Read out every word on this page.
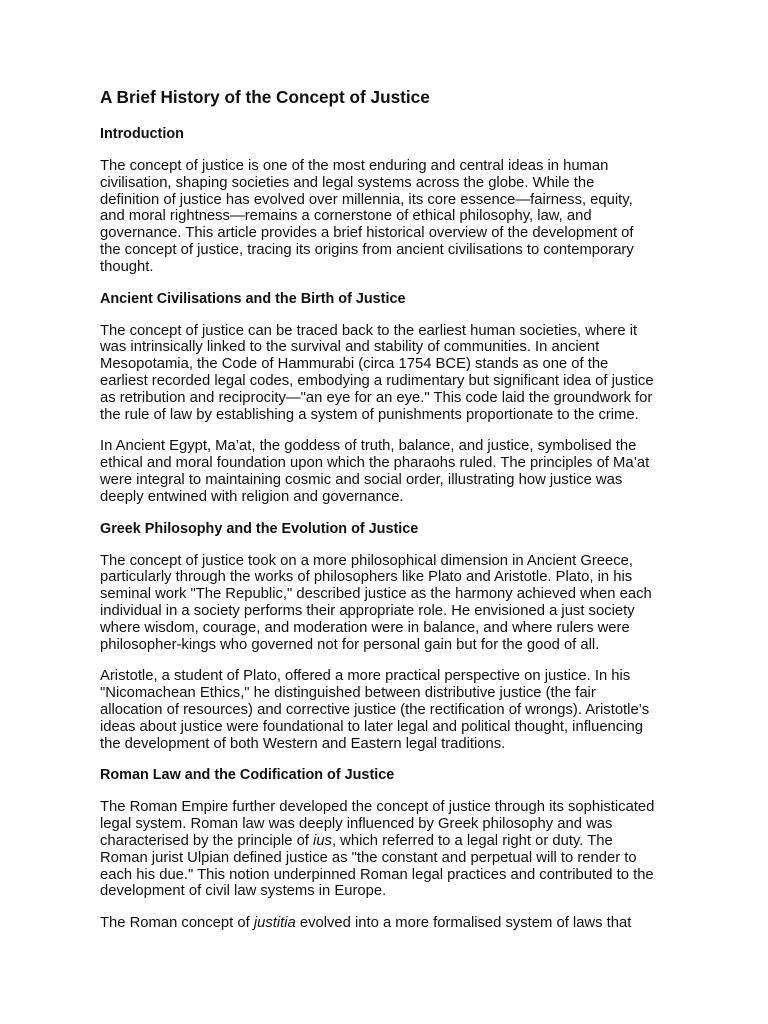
A Brief History of the Concept of Justice
Introduction

The concept of justice is one of the most enduring and central ideas in human
civilisation, shaping societies and legal systems across the globe. While the
definition of justice has evolved over millennia, its core essence—fairness, equity,
and moral rightness—remains a cornerstone of ethical philosophy, law, and
governance. This article provides a brief historical overview of the development of
the concept of justice, tracing its origins from ancient civilisations to contemporary
thought.

Ancient Civilisations and the Birth of Justice

The concept of justice can be traced back to the earliest human societies, where it
was intrinsically linked to the survival and stability of communities. In ancient
Mesopotamia, the Code of Hammurabi (circa 1754 BCE) stands as one of the
earliest recorded legal codes, embodying a rudimentary but significant idea of justice
as retribution and reciprocity—"an eye for an eye." This code laid the groundwork for
the rule of law by establishing a system of punishments proportionate to the crime.

In Ancient Egypt, Ma’at, the goddess of truth, balance, and justice, symbolised the
ethical and moral foundation upon which the pharaohs ruled. The principles of Ma’at
were integral to maintaining cosmic and social order, illustrating how justice was
deeply entwined with religion and governance.

Greek Philosophy and the Evolution of Justice

The concept of justice took on a more philosophical dimension in Ancient Greece,
particularly through the works of philosophers like Plato and Aristotle. Plato, in his
seminal work "The Republic," described justice as the harmony achieved when each
individual in a society performs their appropriate role. He envisioned a just society
where wisdom, courage, and moderation were in balance, and where rulers were
philosopher-kings who governed not for personal gain but for the good of all.

Aristotle, a student of Plato, offered a more practical perspective on justice. In his
"Nicomachean Ethics," he distinguished between distributive justice (the fair
allocation of resources) and corrective justice (the rectification of wrongs). Aristotle’s
ideas about justice were foundational to later legal and political thought, influencing
the development of both Western and Eastern legal traditions.

Roman Law and the Codification of Justice

The Roman Empire further developed the concept of justice through its sophisticated
legal system. Roman law was deeply influenced by Greek philosophy and was
characterised by the principle of ius, which referred to a legal right or duty. The
Roman jurist Ulpian defined justice as "the constant and perpetual will to render to
each his due." This notion underpinned Roman legal practices and contributed to the
development of civil law systems in Europe.

The Roman concept of justitia evolved into a more formalised system of laws that
